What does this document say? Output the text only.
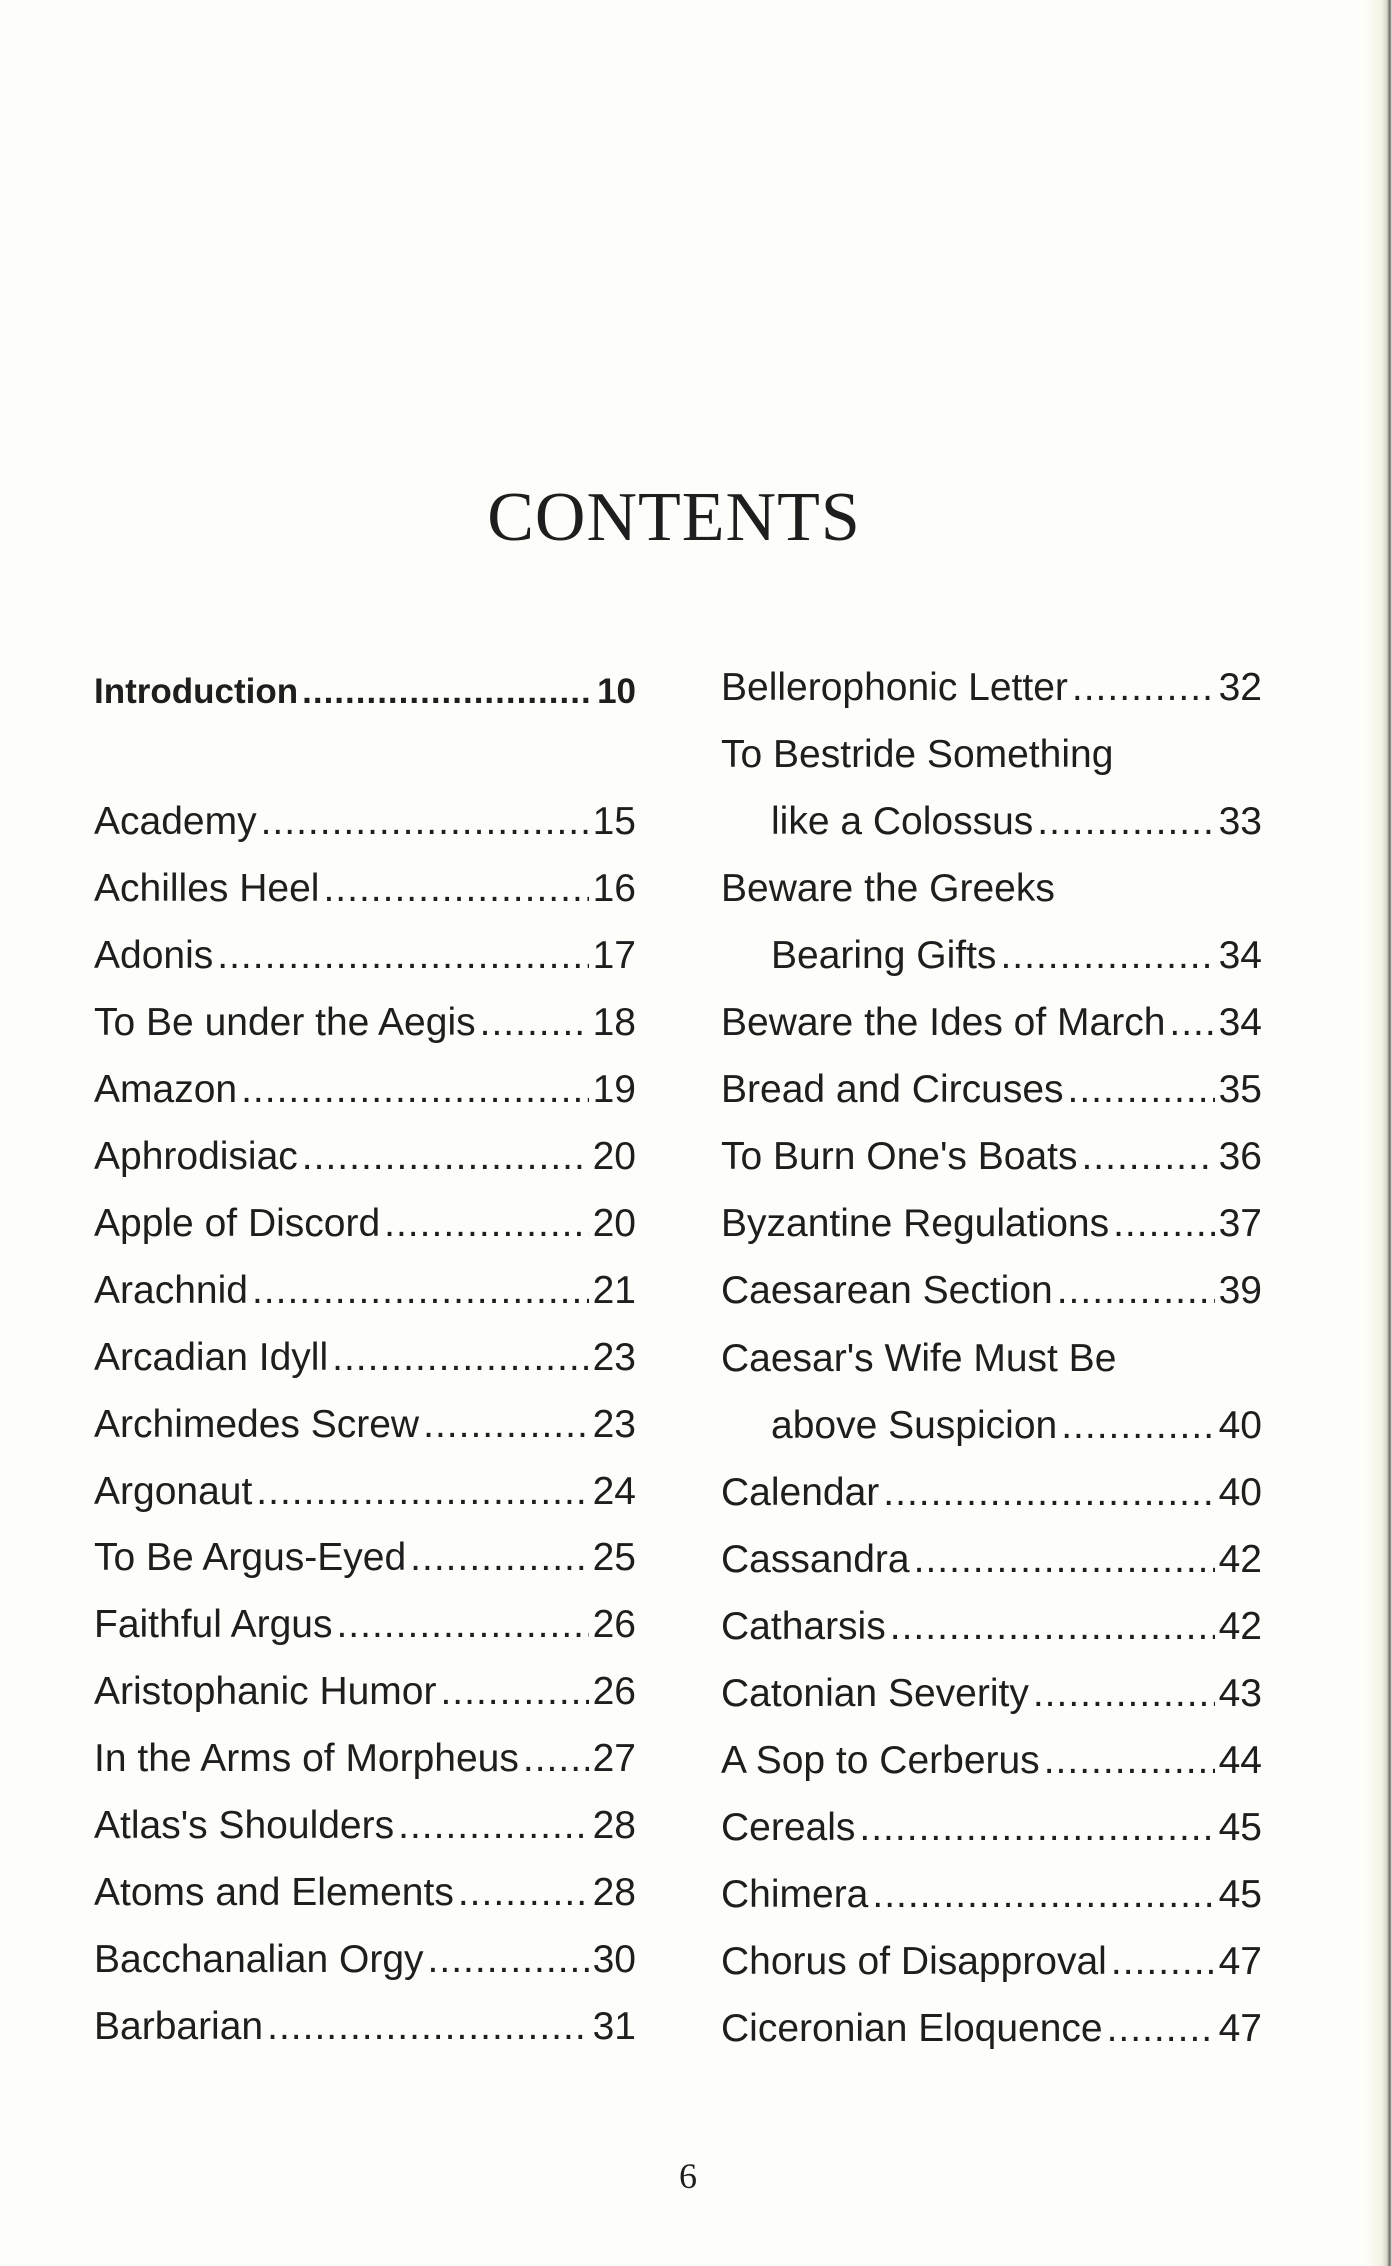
CONTENTS
Introduction .....	10
Academy .....	15
Achilles Heel .....	16
Adonis .....	17
To Be under the Aegis .....	18
Amazon .....	19
Aphrodisiac .....	20
Apple of Discord .....	20
Arachnid .....	21
Arcadian Idyll .....	23
Archimedes Screw .....	23
Argonaut .....	24
To Be Argus-Eyed .....	25
Faithful Argus .....	26
Aristophanic Humor .....	26
In the Arms of Morpheus ..... 27
Atlas's Shoulders .....	28
Atoms and Elements .....	28
Bacchanalian Orgy .....	30
Barbarian .....	31
Bellerophonic Letter .....	32
To Bestride Something
like a Colossus .....	33
Beware the Greeks
Bearing Gifts .....	34
Beware the Ides of March ..... 34
Bread and Circuses .....	35
To Burn One's Boats .....	36
Byzantine Regulations .....	37
Caesarean Section .....	39
Caesar's Wife Must Be
above Suspicion .....	40
Calendar .....	40
Cassandra .....	42
Catharsis .....	42
Catonian Severity .....	43
A Sop to Cerberus .....	44
Cereals .....	45
Chimera .....	45
Chorus of Disapproval .....	47
Ciceronian Eloquence .....	47
6
